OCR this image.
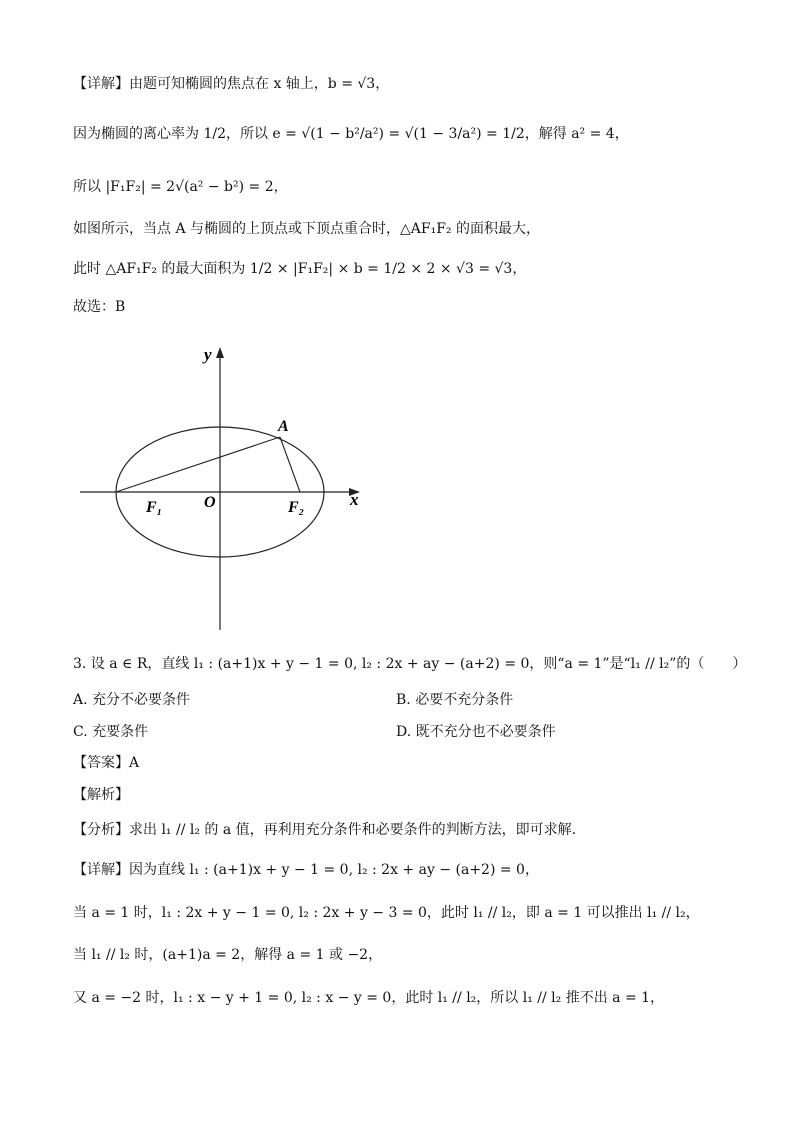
【详解】由题可知椭圆的焦点在 x 轴上，b = √3，
因为椭圆的离心率为 1/2，所以 e = √(1 − b²/a²) = √(1 − 3/a²) = 1/2，解得 a² = 4，
所以 |F₁F₂| = 2√(a² − b²) = 2，
如图所示，当点 A 与椭圆的上顶点或下顶点重合时，△AF₁F₂ 的面积最大，
此时 △AF₁F₂ 的最大面积为 1/2 × |F₁F₂| × b = 1/2 × 2 × √3 = √3，
故选：B
y
x
O
A
F₁	F₂
3. 设 a ∈ R，直线 l₁ : (a+1)x + y − 1 = 0, l₂ : 2x + ay − (a+2) = 0，则“a = 1”是“l₁ // l₂”的（　　）
A. 充分不必要条件	B. 必要不充分条件
C. 充要条件	D. 既不充分也不必要条件
【答案】A
【解析】
【分析】求出 l₁ // l₂ 的 a 值，再利用充分条件和必要条件的判断方法，即可求解.
【详解】因为直线 l₁ : (a+1)x + y − 1 = 0, l₂ : 2x + ay − (a+2) = 0，
当 a = 1 时，l₁ : 2x + y − 1 = 0, l₂ : 2x + y − 3 = 0，此时 l₁ // l₂，即 a = 1 可以推出 l₁ // l₂，
当 l₁ // l₂ 时，(a+1)a = 2，解得 a = 1 或 −2，
又 a = −2 时，l₁ : x − y + 1 = 0, l₂ : x − y = 0，此时 l₁ // l₂，所以 l₁ // l₂ 推不出 a = 1，
